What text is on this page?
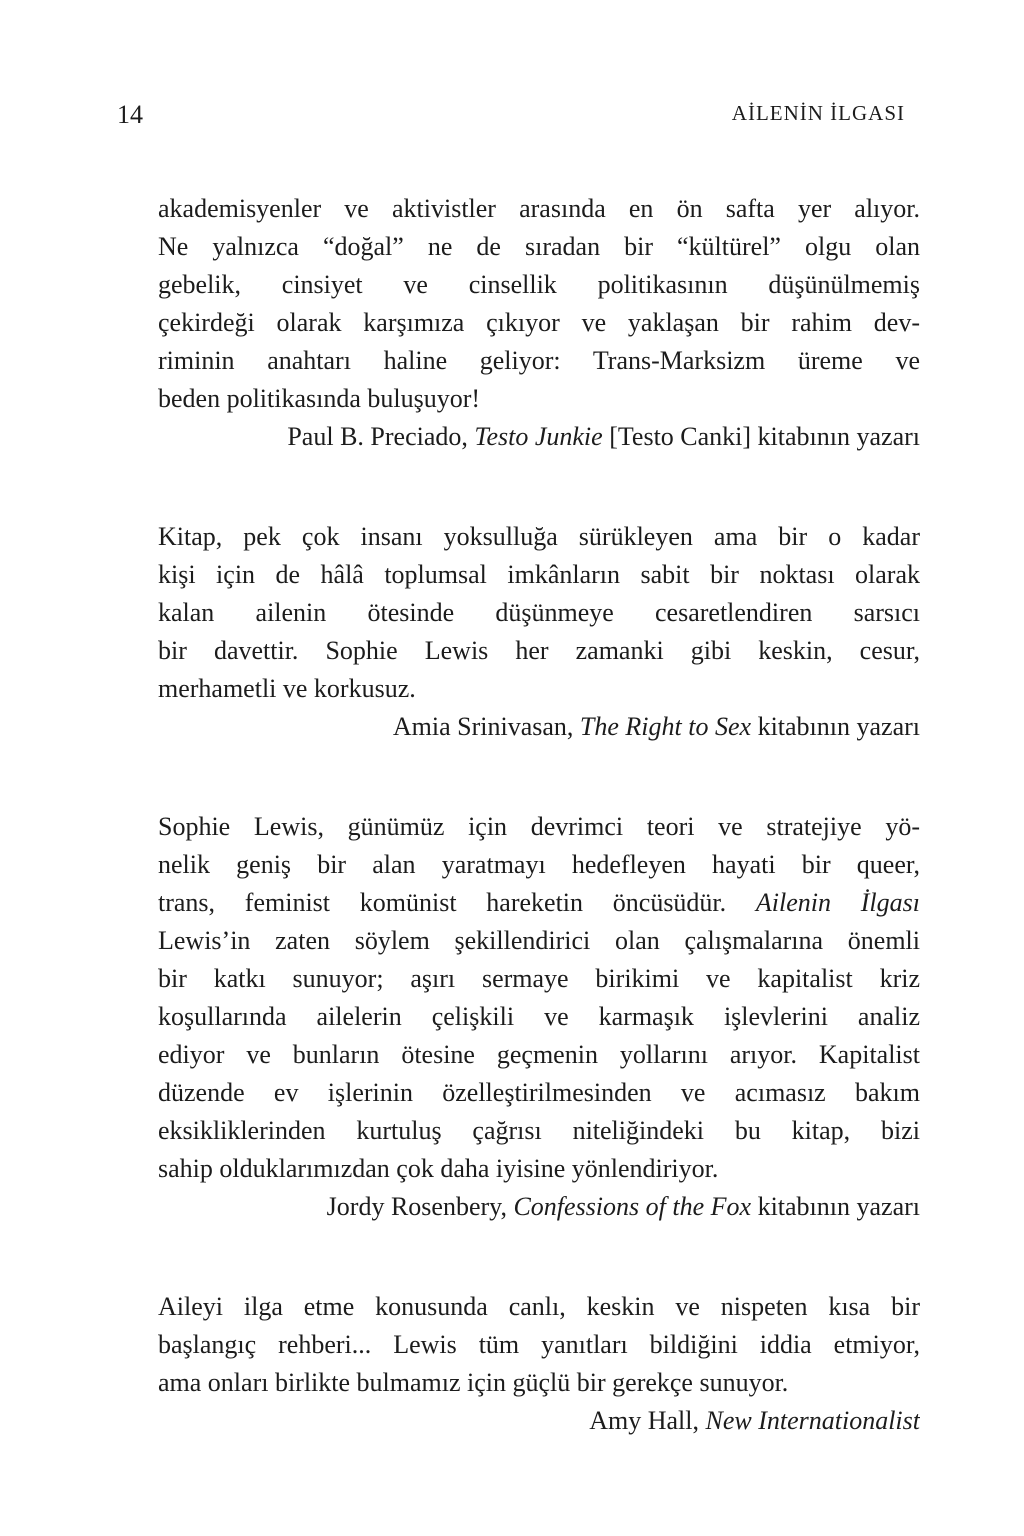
14	AİLENİN İLGASI
akademisyenler ve aktivistler arasında en ön safta yer alıyor.
Ne yalnızca “doğal” ne de sıradan bir “kültürel” olgu olan
gebelik, cinsiyet ve cinsellik politikasının düşünülmemiş
çekirdeği olarak karşımıza çıkıyor ve yaklaşan bir rahim dev-
riminin anahtarı haline geliyor: Trans-Marksizm üreme ve
beden politikasında buluşuyor!
Paul B. Preciado, Testo Junkie [Testo Canki] kitabının yazarı
Kitap, pek çok insanı yoksulluğa sürükleyen ama bir o kadar
kişi için de hâlâ toplumsal imkânların sabit bir noktası olarak
kalan ailenin ötesinde düşünmeye cesaretlendiren sarsıcı
bir davettir. Sophie Lewis her zamanki gibi keskin, cesur,
merhametli ve korkusuz.
Amia Srinivasan, The Right to Sex kitabının yazarı
Sophie Lewis, günümüz için devrimci teori ve stratejiye yö-
nelik geniş bir alan yaratmayı hedefleyen hayati bir queer,
trans, feminist komünist hareketin öncüsüdür. Ailenin İlgası
Lewis’in zaten söylem şekillendirici olan çalışmalarına önemli
bir katkı sunuyor; aşırı sermaye birikimi ve kapitalist kriz
koşullarında ailelerin çelişkili ve karmaşık işlevlerini analiz
ediyor ve bunların ötesine geçmenin yollarını arıyor. Kapitalist
düzende ev işlerinin özelleştirilmesinden ve acımasız bakım
eksikliklerinden kurtuluş çağrısı niteliğindeki bu kitap, bizi
sahip olduklarımızdan çok daha iyisine yönlendiriyor.
Jordy Rosenbery, Confessions of the Fox kitabının yazarı
Aileyi ilga etme konusunda canlı, keskin ve nispeten kısa bir
başlangıç rehberi... Lewis tüm yanıtları bildiğini iddia etmiyor,
ama onları birlikte bulmamız için güçlü bir gerekçe sunuyor.
Amy Hall, New Internationalist
